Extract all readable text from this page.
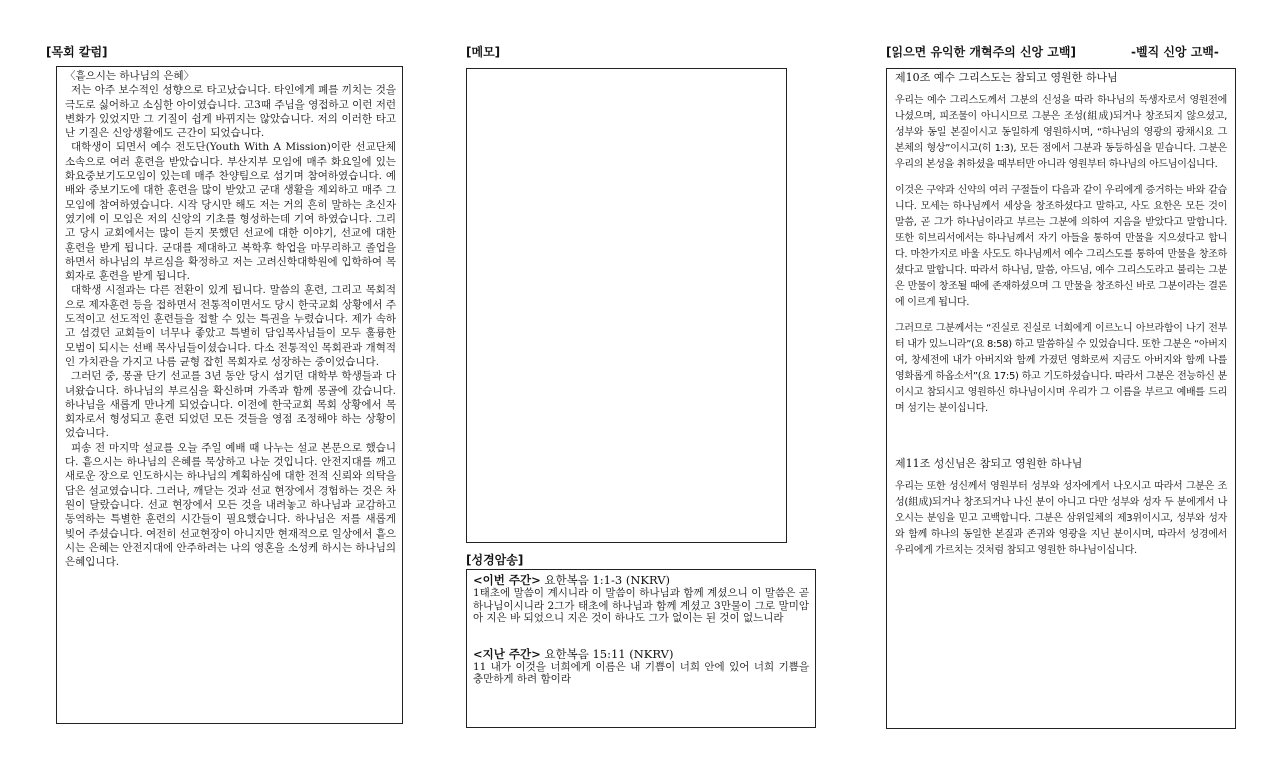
[목회 칼럼]
〈흩으시는 하나님의 은혜〉

저는 아주 보수적인 성향으로 타고났습니다. 타인에게 폐를 끼치는 것을 극도로 싫어하고 소심한 아이였습니다. 고3때 주님을 영접하고 이런 저런 변화가 있었지만 그 기질이 쉽게 바뀌지는 않았습니다. 저의 이러한 타고난 기질은 신앙생활에도 근간이 되었습니다.

대학생이 되면서 예수 전도단(Youth With A Mission)이란 선교단체 소속으로 여러 훈련을 받았습니다. 부산지부 모임에 매주 화요일에 있는 화요중보기도모임이 있는데 매주 찬양팀으로 섬기며 참여하였습니다. 예배와 중보기도에 대한 훈련을 많이 받았고 군대 생활을 제외하고 매주 그 모임에 참여하였습니다. 시작 당시만 해도 저는 거의 흔히 말하는 초신자였기에 이 모임은 저의 신앙의 기초를 형성하는데 기여 하였습니다. 그리고 당시 교회에서는 많이 듣지 못했던 선교에 대한 이야기, 선교에 대한 훈련을 받게 됩니다. 군대를 제대하고 복학후 학업을 마무리하고 졸업을 하면서 하나님의 부르심을 확정하고 저는 고려신학대학원에 입학하여 목회자로 훈련을 받게 됩니다.

대학생 시절과는 다른 전환이 있게 됩니다. 말씀의 훈련, 그리고 목회적으로 제자훈련 등을 접하면서 전통적이면서도 당시 한국교회 상황에서 주도적이고 선도적인 훈련들을 접할 수 있는 특권을 누렸습니다. 제가 속하고 섬겼던 교회들이 너무나 좋았고 특별히 담임목사님들이 모두 훌륭한 모범이 되시는 선배 목사님들이셨습니다. 다소 전통적인 목회관과 개혁적인 가치관을 가지고 나름 균형 잡힌 목회자로 성장하는 중이었습니다.

그러던 중, 몽골 단기 선교를 3년 동안 당시 섬기던 대학부 학생들과 다녀왔습니다. 하나님의 부르심을 확신하며 가족과 함께 몽골에 갔습니다. 하나님을 새롭게 만나게 되었습니다. 이전에 한국교회 목회 상황에서 목회자로서 형성되고 훈련 되었던 모든 것들을 영점 조정해야 하는 상황이었습니다.

피송 전 마지막 설교를 오늘 주일 예배 때 나누는 설교 본문으로 했습니다. 흩으시는 하나님의 은혜를 묵상하고 나눈 것입니다. 안전지대를 깨고 새로운 장으로 인도하시는 하나님의 계획하심에 대한 전적 신뢰와 의탁을 담은 설교였습니다. 그러나, 깨닫는 것과 선교 현장에서 경험하는 것은 차원이 달랐습니다. 선교 현장에서 모든 것을 내려놓고 하나님과 교감하고 동역하는 특별한 훈련의 시간들이 필요했습니다. 하나님은 저를 새롭게 빚어 주셨습니다. 여전히 선교현장이 아니지만 현재적으로 일상에서 흩으시는 은혜는 안전지대에 안주하려는 나의 영혼을 소성케 하시는 하나님의 은혜입니다.

[메모]
[성경암송]
<이번 주간> 요한복음 1:1-3 (NKRV)

1태초에 말씀이 계시니라 이 말씀이 하나님과 함께 계셨으니 이 말씀은 곧 하나님이시니라 2그가 태초에 하나님과 함께 계셨고 3만물이 그로 말미암아 지은 바 되었으니 지은 것이 하나도 그가 없이는 된 것이 없느니라

<지난 주간> 요한복음 15:11 (NKRV)

11 내가 이것을 너희에게 이름은 내 기쁨이 너희 안에 있어 너희 기쁨을 충만하게 하려 함이라

[읽으면 유익한 개혁주의 신앙 고백]	-벨직 신앙 고백-

제10조 예수 그리스도는 참되고 영원한 하나님

우리는 예수 그리스도께서 그분의 신성을 따라 하나님의 독생자로서 영원전에 나셨으며, 피조물이 아니시므로 그분은 조성(組成)되거나 창조되지 않으셨고, 성부와 동일 본질이시고 동일하게 영원하시며, “하나님의 영광의 광채시요 그 본체의 형상”이시고(히 1:3), 모든 점에서 그분과 동등하심을 믿습니다. 그분은 우리의 본성을 취하셨을 때부터만 아니라 영원부터 하나님의 아드님이십니다.

이것은 구약과 신약의 여러 구절들이 다음과 같이 우리에게 증거하는 바와 같습니다. 모세는 하나님께서 세상을 창조하셨다고 말하고, 사도 요한은 모든 것이 말씀, 곧 그가 하나님이라고 부르는 그분에 의하여 지음을 받았다고 말합니다. 또한 히브리서에서는 하나님께서 자기 아들을 통하여 만물을 지으셨다고 합니다. 마찬가지로 바울 사도도 하나님께서 예수 그리스도를 통하여 만물을 창조하셨다고 말합니다. 따라서 하나님, 말씀, 아드님, 예수 그리스도라고 불리는 그분은 만물이 창조될 때에 존재하셨으며 그 만물을 창조하신 바로 그분이라는 결론에 이르게 됩니다.

그러므로 그분께서는 “진실로 진실로 너희에게 이르노니 아브라함이 나기 전부터 내가 있느니라”(요 8:58) 하고 말씀하실 수 있었습니다. 또한 그분은 “아버지여, 창세전에 내가 아버지와 함께 가졌던 영화로써 지금도 아버지와 함께 나를 영화롭게 하옵소서”(요 17:5) 하고 기도하셨습니다. 따라서 그분은 전능하신 분이시고 참되시고 영원하신 하나님이시며 우리가 그 이름을 부르고 예배를 드리며 섬기는 분이십니다.

제11조 성신님은 참되고 영원한 하나님

우리는 또한 성신께서 영원부터 성부와 성자에게서 나오시고 따라서 그분은 조성(組成)되거나 창조되거나 나신 분이 아니고 다만 성부와 성자 두 분에게서 나오시는 분임을 믿고 고백합니다. 그분은 삼위일체의 제3위이시고, 성부와 성자와 함께 하나의 동일한 본질과 존귀와 영광을 지닌 분이시며, 따라서 성경에서 우리에게 가르치는 것처럼 참되고 영원한 하나님이십니다.
